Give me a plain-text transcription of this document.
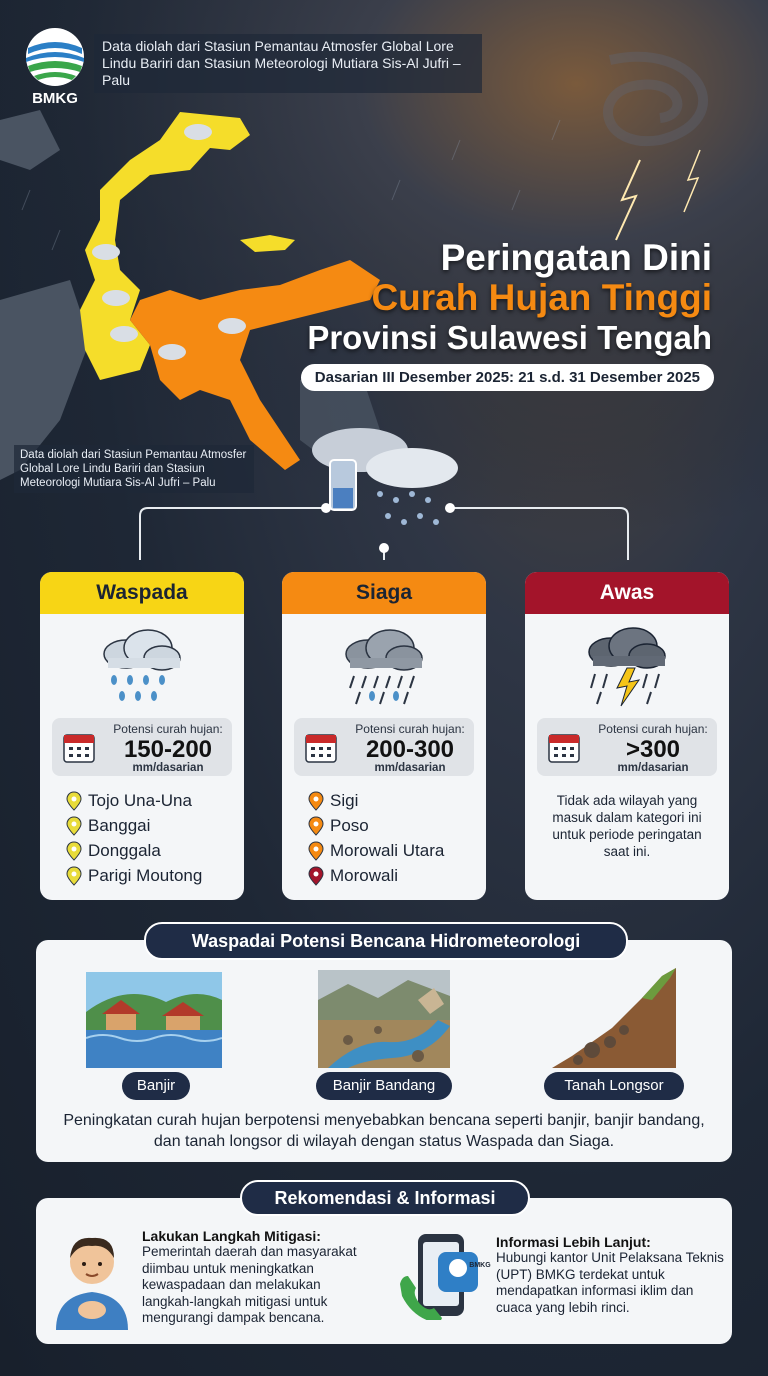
BMKG
Data diolah dari Stasiun Pemantau Atmosfer Global Lore Lindu Bariri dan Stasiun Meteorologi Mutiara Sis-Al Jufri – Palu
Data diolah dari Stasiun Pemantau Atmosfer Global Lore Lindu Bariri dan Stasiun Meteorologi Mutiara Sis-Al Jufri – Palu
Peringatan Dini
Curah Hujan Tinggi
Provinsi Sulawesi Tengah
Dasarian III Desember 2025: 21 s.d. 31 Desember 2025
Waspada
Potensi curah hujan:
150-200
mm/dasarian
Tojo Una-Una
Banggai
Donggala
Parigi Moutong
Siaga
Potensi curah hujan:
200-300
mm/dasarian
Sigi
Poso
Morowali Utara
Morowali
Awas
Potensi curah hujan:
>300
mm/dasarian
Tidak ada wilayah yang masuk dalam kategori ini untuk periode peringatan saat ini.
Waspadai Potensi Bencana Hidrometeorologi
Banjir	Banjir Bandang	Tanah Longsor
Peningkatan curah hujan berpotensi menyebabkan bencana seperti banjir, banjir bandang, dan tanah longsor di wilayah dengan status Waspada dan Siaga.
Rekomendasi & Informasi
Lakukan Langkah Mitigasi:
Pemerintah daerah dan masyarakat diimbau untuk meningkatkan kewaspadaan dan melakukan langkah-langkah mitigasi untuk mengurangi dampak bencana.
BMKG
Informasi Lebih Lanjut:
Hubungi kantor Unit Pelaksana Teknis (UPT) BMKG terdekat untuk mendapatkan informasi iklim dan cuaca yang lebih rinci.
